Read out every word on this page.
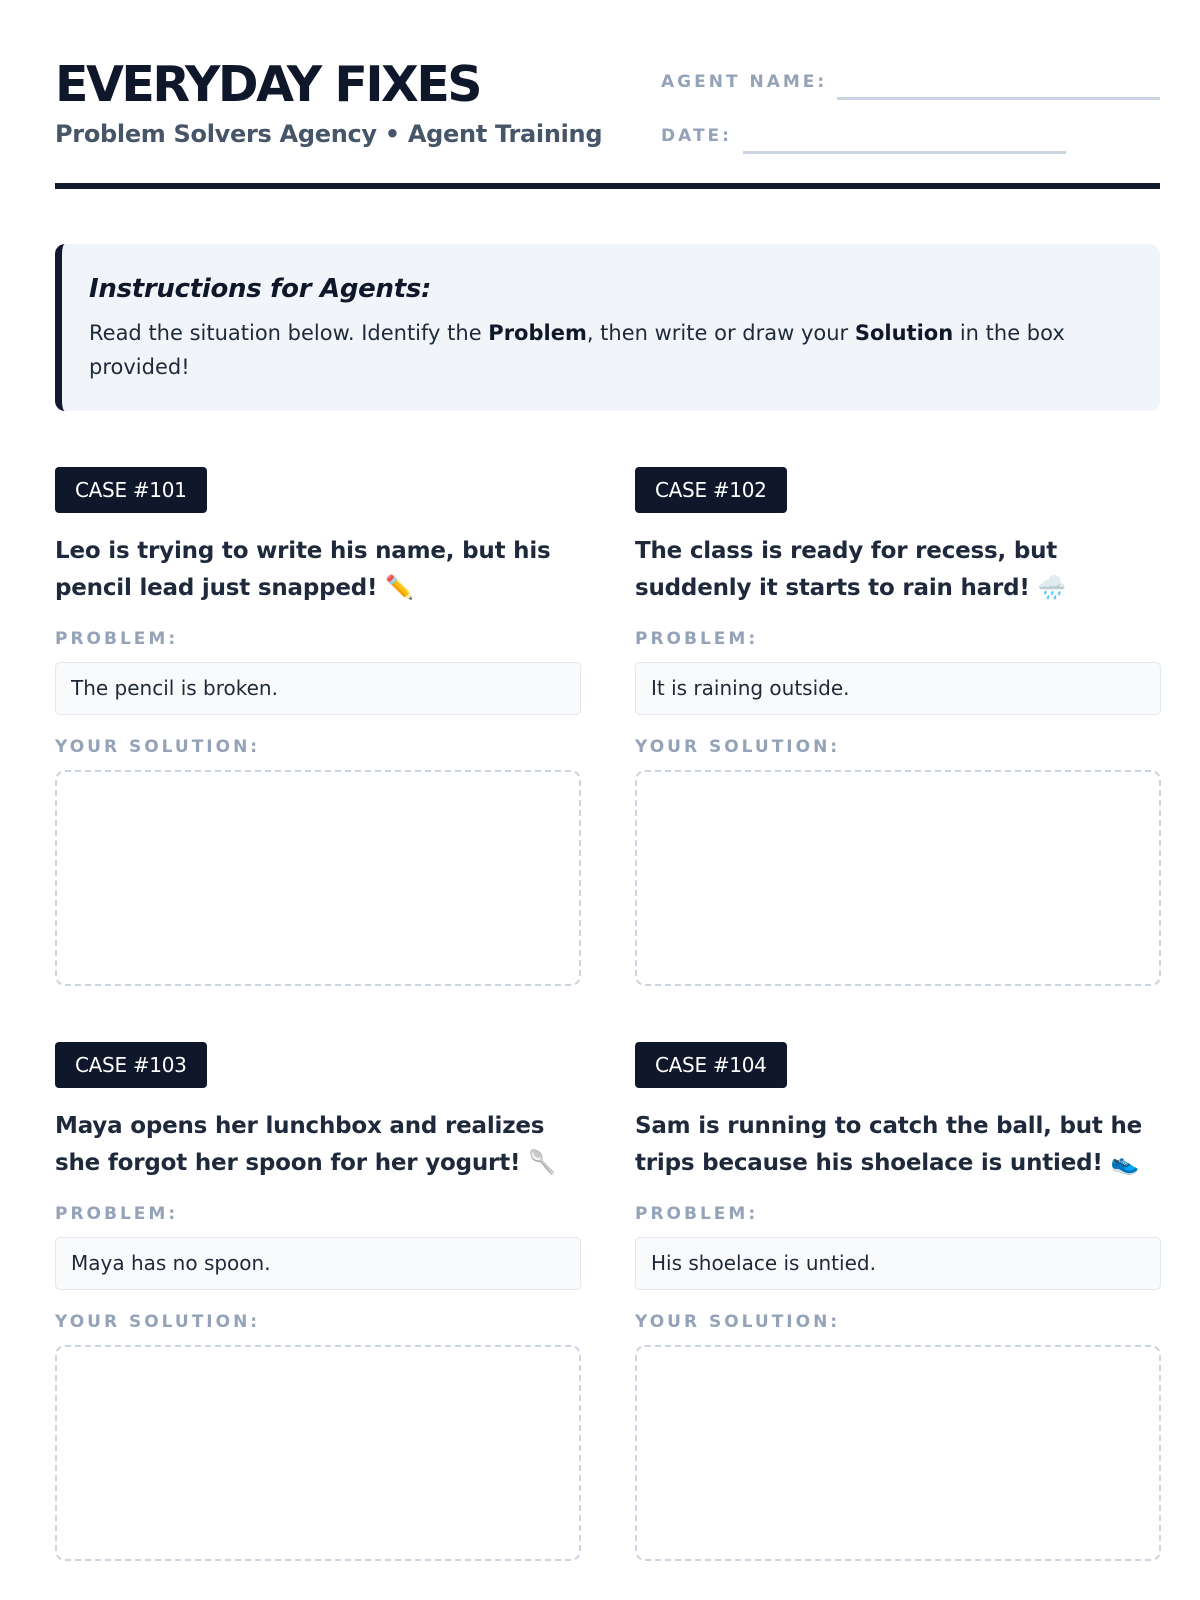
EVERYDAY FIXES
Problem Solvers Agency • Agent Training
AGENT NAME:
DATE:
Instructions for Agents:
Read the situation below. Identify the Problem, then write or draw your Solution in the box provided!
CASE #101
Leo is trying to write his name, but his pencil lead just snapped! ✏️
PROBLEM:
The pencil is broken.
YOUR SOLUTION:
CASE #102
The class is ready for recess, but suddenly it starts to rain hard! 🌧️
PROBLEM:
It is raining outside.
YOUR SOLUTION:
CASE #103
Maya opens her lunchbox and realizes she forgot her spoon for her yogurt! 🥄
PROBLEM:
Maya has no spoon.
YOUR SOLUTION:
CASE #104
Sam is running to catch the ball, but he trips because his shoelace is untied! 👟
PROBLEM:
His shoelace is untied.
YOUR SOLUTION:
